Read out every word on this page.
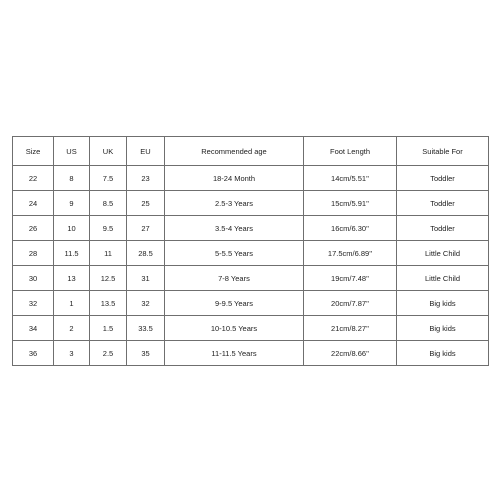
Size	US	UK	EU	Recommended age	Foot Length	Suitable For
22	8	7.5	23	18-24 Month	14cm/5.51''	Toddler
24	9	8.5	25	2.5-3 Years	15cm/5.91''	Toddler
26	10	9.5	27	3.5-4 Years	16cm/6.30''	Toddler
28	11.5	11	28.5	5-5.5 Years	17.5cm/6.89''	Little Child
30	13	12.5	31	7-8 Years	19cm/7.48''	Little Child
32	1	13.5	32	9-9.5 Years	20cm/7.87''	Big kids
34	2	1.5	33.5	10-10.5 Years	21cm/8.27''	Big kids
36	3	2.5	35	11-11.5 Years	22cm/8.66''	Big kids
